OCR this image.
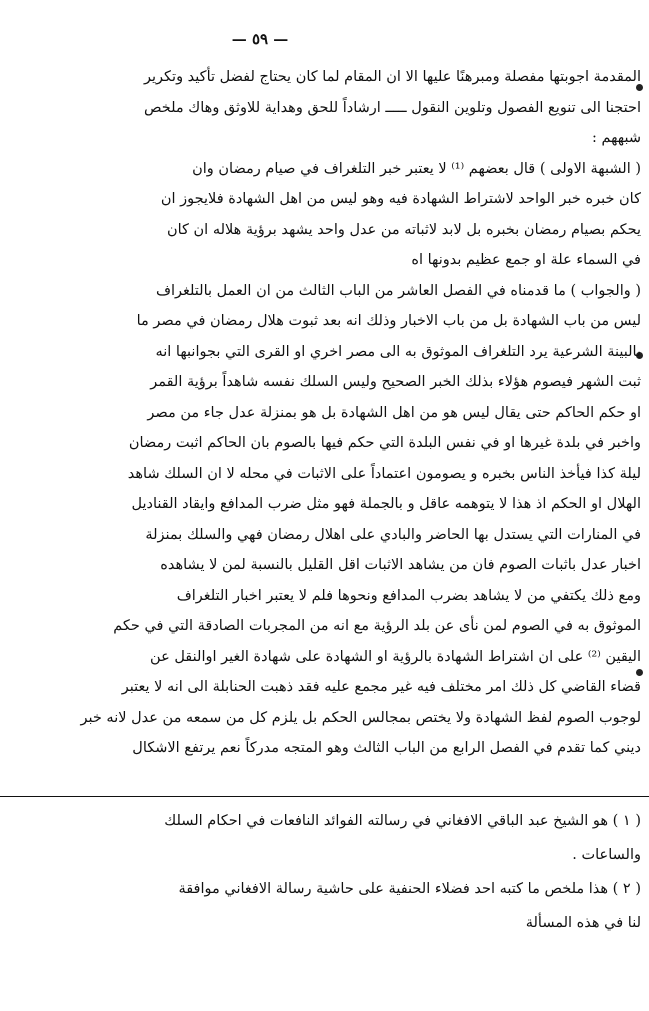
— ٥٩ —
المقدمة اجوبتها مفصلة ومبرهنًا عليها الا ان المقام لما كان يحتاج لفضل تأكيد وتكرير
احتجنا الى تنويع الفصول وتلوين النقول ـــــ ارشاداً للحق وهداية للاوثق وهاك ملخص
شبههم :
( الشبهة الاولى ) قال بعضهم ⁽¹⁾ لا يعتبر خبر التلغراف في صيام رمضان وان
كان خبره خبر الواحد لاشتراط الشهادة فيه وهو ليس من اهل الشهادة فلايجوز ان
يحكم بصيام رمضان بخبره بل لابد لاثباته من عدل واحد يشهد برؤية هلاله ان كان
في السماء علة او جمع عظيم بدونها اه
( والجواب ) ما قدمناه في الفصل العاشر من الباب الثالث من ان العمل بالتلغراف
ليس من باب الشهادة بل من باب الاخبار وذلك انه بعد ثبوت هلال رمضان في مصر ما
بالبينة الشرعية يرد التلغراف الموثوق به الى مصر اخري او القرى التي بجوانبها انه
ثبت الشهر فيصوم هؤلاء بذلك الخبر الصحيح وليس السلك نفسه شاهداً برؤية القمر
او حكم الحاكم حتى يقال ليس هو من اهل الشهادة بل هو بمنزلة عدل جاء من مصر
واخبر في بلدة غيرها او في نفس البلدة التي حكم فيها بالصوم بان الحاكم اثبت رمضان
ليلة كذا فيأخذ الناس بخبره و يصومون اعتماداً على الاثبات في محله لا ان السلك شاهد
الهلال او الحكم اذ هذا لا يتوهمه عاقل و بالجملة فهو مثل ضرب المدافع وايقاد القناديل
في المنارات التي يستدل بها الحاضر والبادي على اهلال رمضان فهي والسلك بمنزلة
اخبار عدل باثبات الصوم فان من يشاهد الاثبات اقل القليل بالنسبة لمن لا يشاهده
ومع ذلك يكتفي من لا يشاهد بضرب المدافع ونحوها فلم لا يعتبر اخبار التلغراف
الموثوق به في الصوم لمن نأى عن بلد الرؤية مع انه من المجربات الصادقة التي في حكم
اليقين ⁽²⁾ على ان اشتراط الشهادة بالرؤية او الشهادة على شهادة الغير اوالنقل عن
قضاء القاضي كل ذلك امر مختلف فيه غير مجمع عليه فقد ذهبت الحنابلة الى انه لا يعتبر
لوجوب الصوم لفظ الشهادة ولا يختص بمجالس الحكم بل يلزم كل من سمعه من عدل لانه خبر
ديني كما تقدم في الفصل الرابع من الباب الثالث وهو المتجه مدركاً نعم يرتفع الاشكال
( ١ ) هو الشيخ عبد الباقي الافغاني في رسالته الفوائد النافعات في احكام السلك
والساعات .
( ٢ ) هذا ملخص ما كتبه احد فضلاء الحنفية على حاشية رسالة الافغاني موافقة
لنا في هذه المسألة
